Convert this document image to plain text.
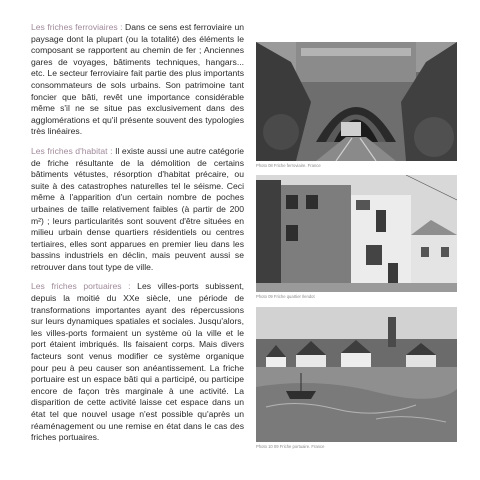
Les friches ferroviaires : Dans ce sens est ferroviaire un paysage dont la plupart (ou la totalité) des éléments le composant se rapportent au chemin de fer ; Anciennes gares de voyages, bâtiments techniques, hangars... etc. Le secteur ferroviaire fait partie des plus importants consommateurs de sols urbains. Son patrimoine tant foncier que bâti, revêt une importance considérable même s'il ne se situe pas exclusivement dans des agglomérations et qu'il présente souvent des typologies très linéaires.

Les friches d'habitat : Il existe aussi une autre catégorie de friche résultante de la démolition de certains bâtiments vétustes, résorption d'habitat précaire, ou suite à des catastrophes naturelles tel le séisme. Ceci même à l'apparition d'un certain nombre de poches urbaines de taille relativement faibles (à partir de 200 m²) ; leurs particularités sont souvent d'être situées en milieu urbain dense quartiers résidentiels ou centres tertiaires, elles sont apparues en premier lieu dans les bassins industriels en déclin, mais peuvent aussi se retrouver dans tout type de ville.

Les friches portuaires : Les villes-ports subissent, depuis la moitié du XXe siècle, une période de transformations importantes ayant des répercussions sur leurs dynamiques spatiales et sociales. Jusqu'alors, les villes-ports formaient un système où la ville et le port étaient imbriqués. Ils faisaient corps. Mais divers facteurs sont venus modifier ce système organique pour peu à peu causer son anéantissement. La friche portuaire est un espace bâti qui a participé, ou participe encore de façon très marginale à une activité. La disparition de cette activité laisse cet espace dans un état tel que nouvel usage n'est possible qu'après un réaménagement ou une remise en état dans le cas des friches portuaires.

Photo 08 Friche ferroviaire. France
Photo 09 Friche quartier Ilendot
Photo 10 09 Friche portuaire. France
